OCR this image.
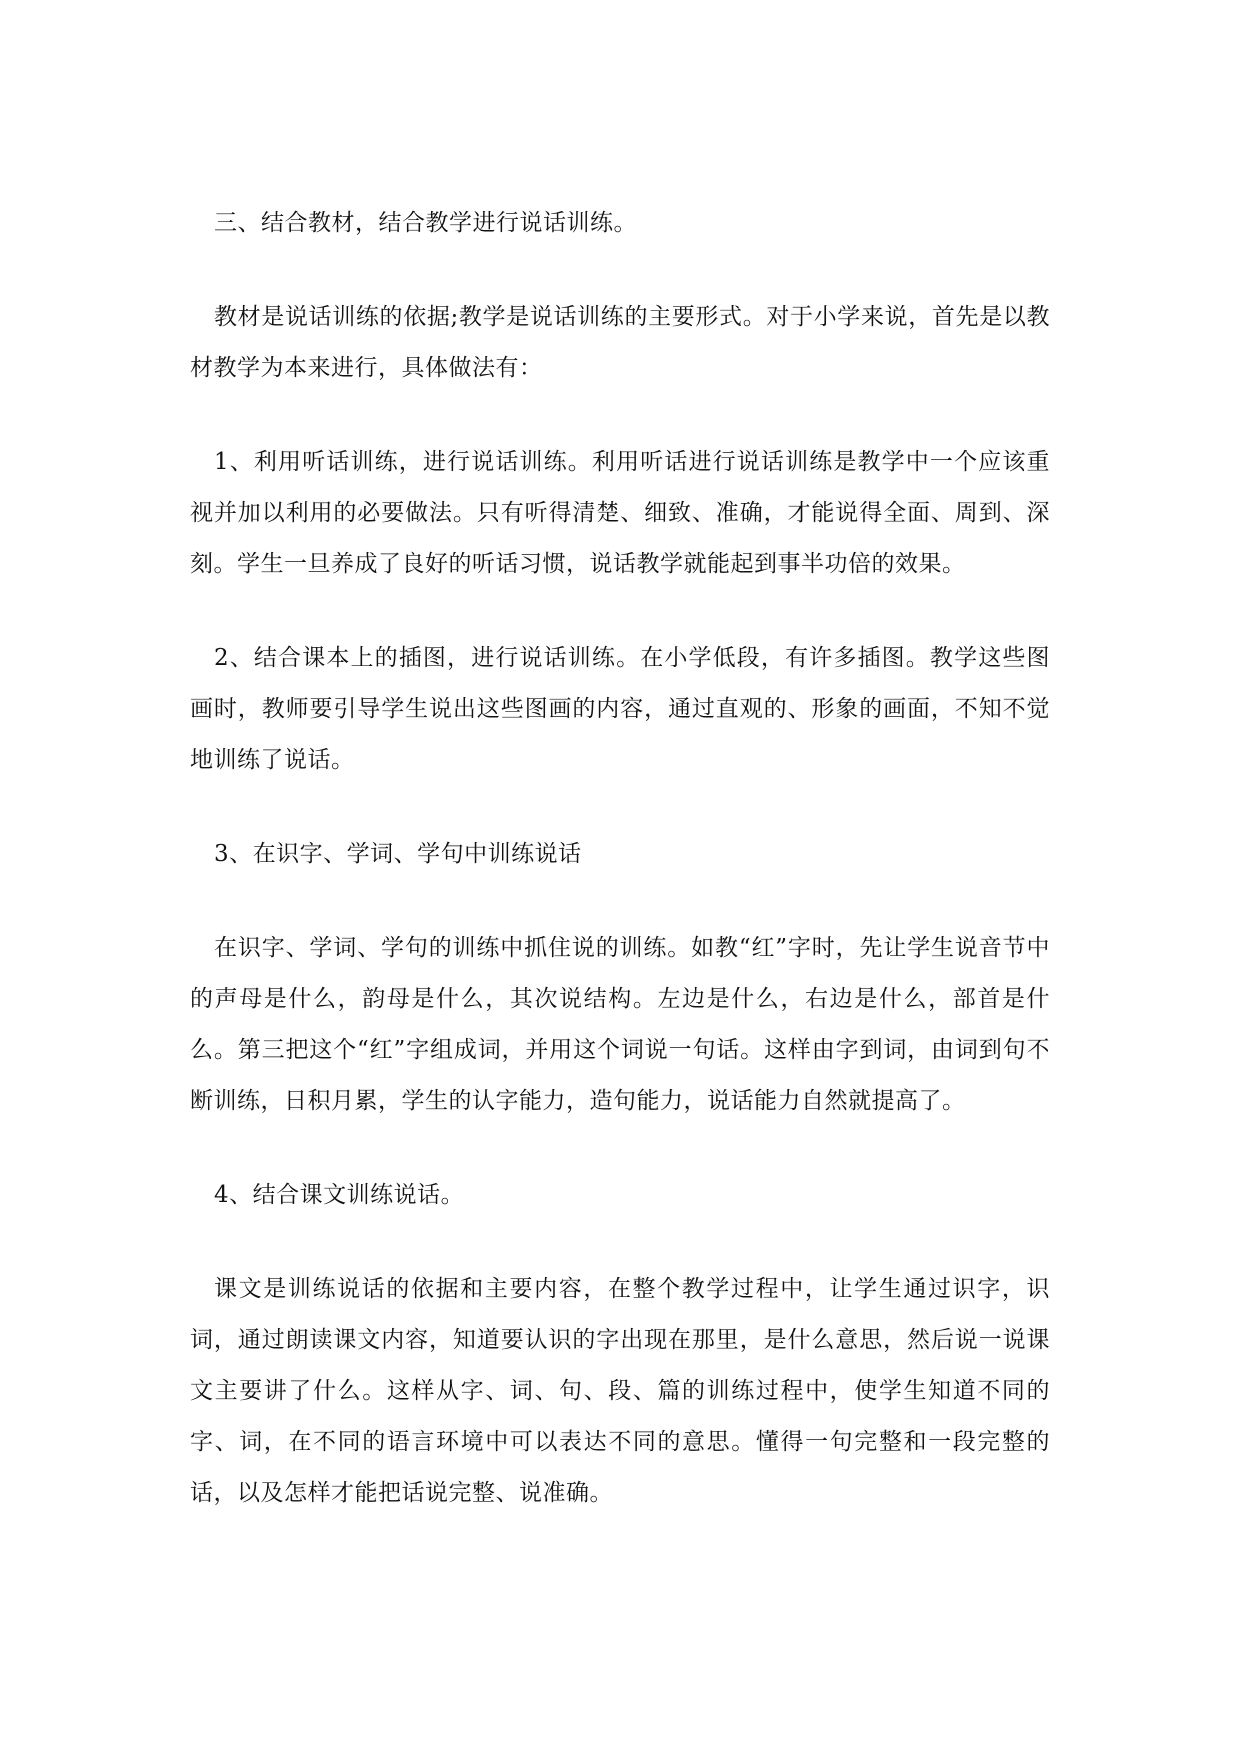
三、结合教材，结合教学进行说话训练。

教材是说话训练的依据;教学是说话训练的主要形式。对于小学来说，首先是以教材教学为本来进行，具体做法有：

1、利用听话训练，进行说话训练。利用听话进行说话训练是教学中一个应该重视并加以利用的必要做法。只有听得清楚、细致、准确，才能说得全面、周到、深刻。学生一旦养成了良好的听话习惯，说话教学就能起到事半功倍的效果。

2、结合课本上的插图，进行说话训练。在小学低段，有许多插图。教学这些图画时，教师要引导学生说出这些图画的内容，通过直观的、形象的画面，不知不觉地训练了说话。

3、在识字、学词、学句中训练说话

在识字、学词、学句的训练中抓住说的训练。如教“红”字时，先让学生说音节中的声母是什么，韵母是什么，其次说结构。左边是什么，右边是什么，部首是什么。第三把这个“红”字组成词，并用这个词说一句话。这样由字到词，由词到句不断训练，日积月累，学生的认字能力，造句能力，说话能力自然就提高了。

4、结合课文训练说话。

课文是训练说话的依据和主要内容，在整个教学过程中，让学生通过识字，识词，通过朗读课文内容，知道要认识的字出现在那里，是什么意思，然后说一说课文主要讲了什么。这样从字、词、句、段、篇的训练过程中，使学生知道不同的字、词，在不同的语言环境中可以表达不同的意思。懂得一句完整和一段完整的话，以及怎样才能把话说完整、说准确。
